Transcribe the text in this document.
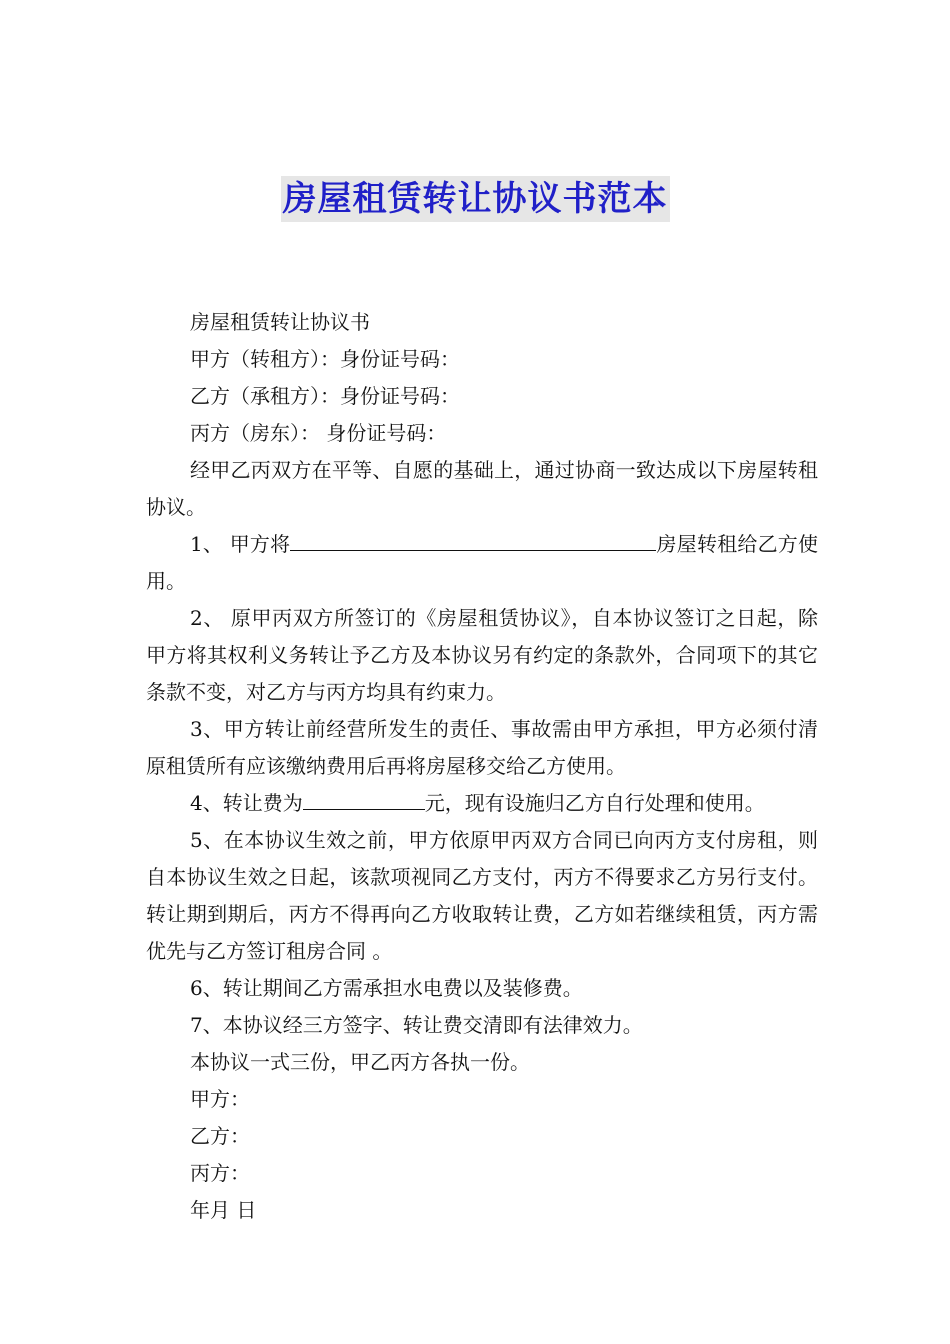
房屋租赁转让协议书范本

房屋租赁转让协议书

甲方（转租方）：身份证号码：

乙方（承租方）：身份证号码：

丙方（房东）： 身份证号码：

经甲乙丙双方在平等、自愿的基础上，通过协商一致达成以下房屋转租协议。

1、 甲方将	房屋转租给乙方使用。

2、 原甲丙双方所签订的《房屋租赁协议》，自本协议签订之日起，除甲方将其权利义务转让予乙方及本协议另有约定的条款外，合同项下的其它条款不变，对乙方与丙方均具有约束力。

3、甲方转让前经营所发生的责任、事故需由甲方承担，甲方必须付清原租赁所有应该缴纳费用后再将房屋移交给乙方使用。

4、转让费为	元，现有设施归乙方自行处理和使用。

5、在本协议生效之前，甲方依原甲丙双方合同已向丙方支付房租，则自本协议生效之日起，该款项视同乙方支付，丙方不得要求乙方另行支付。转让期到期后，丙方不得再向乙方收取转让费，乙方如若继续租赁，丙方需优先与乙方签订租房合同 。

6、转让期间乙方需承担水电费以及装修费。

7、本协议经三方签字、转让费交清即有法律效力。

本协议一式三份，甲乙丙方各执一份。

甲方：

乙方：

丙方：

年月 日
